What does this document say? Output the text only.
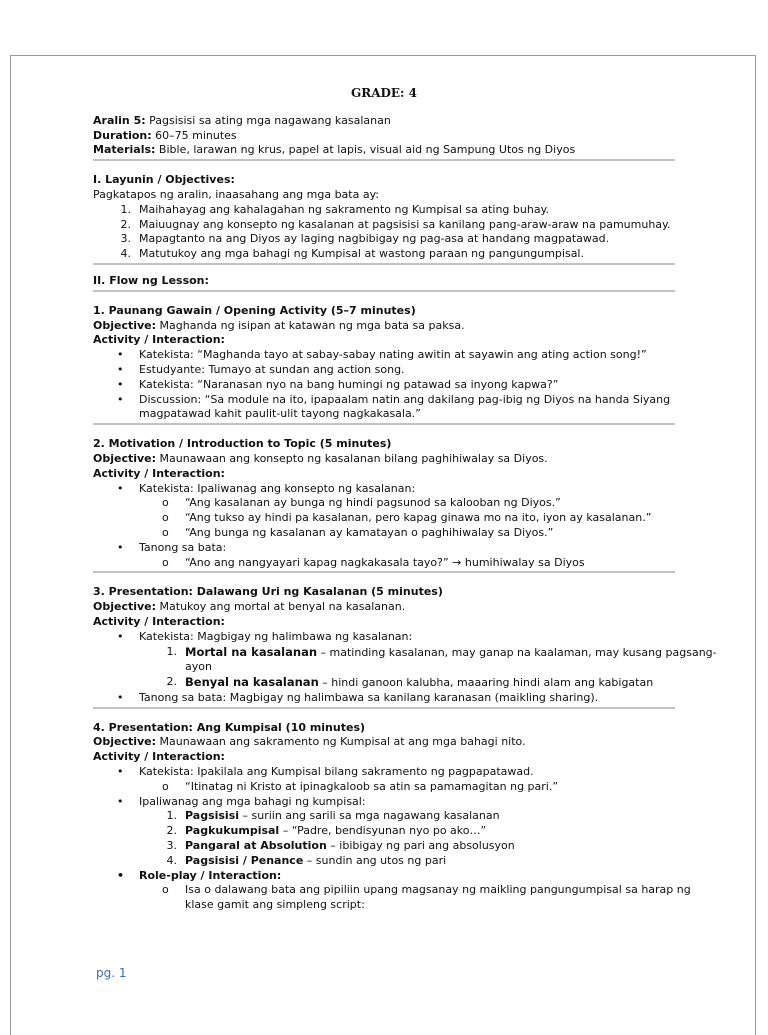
GRADE: 4
Aralin 5: Pagsisisi sa ating mga nagawang kasalanan
Duration: 60–75 minutes
Materials: Bible, larawan ng krus, papel at lapis, visual aid ng Sampung Utos ng Diyos
I. Layunin / Objectives:
Pagkatapos ng aralin, inaasahang ang mga bata ay:
1. Maihahayag ang kahalagahan ng sakramento ng Kumpisal sa ating buhay.
2. Maiuugnay ang konsepto ng kasalanan at pagsisisi sa kanilang pang-araw-araw na pamumuhay.
3. Mapagtanto na ang Diyos ay laging nagbibigay ng pag-asa at handang magpatawad.
4. Matutukoy ang mga bahagi ng Kumpisal at wastong paraan ng pangungumpisal.
II. Flow ng Lesson:
1. Paunang Gawain / Opening Activity (5–7 minutes)
Objective: Maghanda ng isipan at katawan ng mga bata sa paksa.
Activity / Interaction:
• Katekista: “Maghanda tayo at sabay-sabay nating awitin at sayawin ang ating action song!”
• Estudyante: Tumayo at sundan ang action song.
• Katekista: “Naranasan nyo na bang humingi ng patawad sa inyong kapwa?”
• Discussion: “Sa module na ito, ipapaalam natin ang dakilang pag-ibig ng Diyos na handa Siyang
magpatawad kahit paulit-ulit tayong nagkakasala.”
2. Motivation / Introduction to Topic (5 minutes)
Objective: Maunawaan ang konsepto ng kasalanan bilang paghihiwalay sa Diyos.
Activity / Interaction:
• Katekista: Ipaliwanag ang konsepto ng kasalanan:
o “Ang kasalanan ay bunga ng hindi pagsunod sa kalooban ng Diyos.”
o “Ang tukso ay hindi pa kasalanan, pero kapag ginawa mo na ito, iyon ay kasalanan.”
o “Ang bunga ng kasalanan ay kamatayan o paghihiwalay sa Diyos.”
• Tanong sa bata:
o “Ano ang nangyayari kapag nagkakasala tayo?” → humihiwalay sa Diyos
3. Presentation: Dalawang Uri ng Kasalanan (5 minutes)
Objective: Matukoy ang mortal at benyal na kasalanan.
Activity / Interaction:
• Katekista: Magbigay ng halimbawa ng kasalanan:
1. Mortal na kasalanan – matinding kasalanan, may ganap na kaalaman, may kusang pagsang-
ayon
2. Benyal na kasalanan – hindi ganoon kalubha, maaaring hindi alam ang kabigatan
• Tanong sa bata: Magbigay ng halimbawa sa kanilang karanasan (maikling sharing).
4. Presentation: Ang Kumpisal (10 minutes)
Objective: Maunawaan ang sakramento ng Kumpisal at ang mga bahagi nito.
Activity / Interaction:
• Katekista: Ipakilala ang Kumpisal bilang sakramento ng pagpapatawad.
o “Itinatag ni Kristo at ipinagkaloob sa atin sa pamamagitan ng pari.”
• Ipaliwanag ang mga bahagi ng kumpisal:
1. Pagsisisi – suriin ang sarili sa mga nagawang kasalanan
2. Pagkukumpisal – “Padre, bendisyunan nyo po ako…”
3. Pangaral at Absolution – ibibigay ng pari ang absolusyon
4. Pagsisisi / Penance – sundin ang utos ng pari
• Role-play / Interaction:
o Isa o dalawang bata ang pipiliin upang magsanay ng maikling pangungumpisal sa harap ng
klase gamit ang simpleng script:
pg. 1
